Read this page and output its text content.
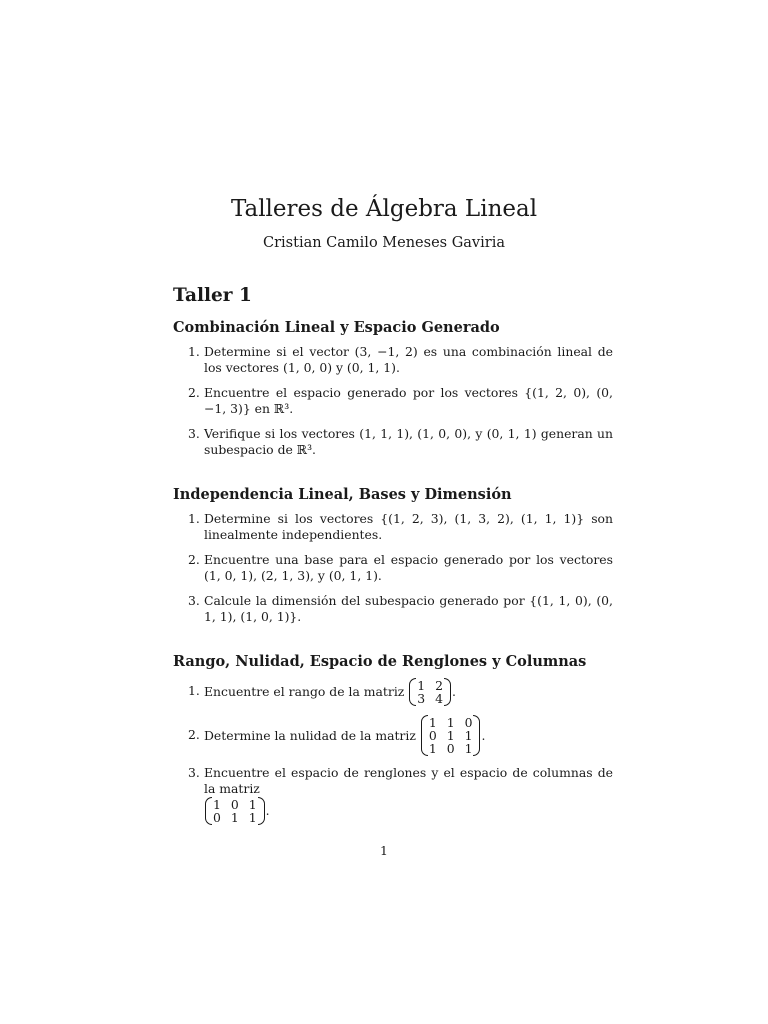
Talleres de Álgebra Lineal
Cristian Camilo Meneses Gaviria
Taller 1
Combinación Lineal y Espacio Generado
1. Determine si el vector (3, −1, 2) es una combinación lineal de los vectores (1, 0, 0) y (0, 1, 1).
2. Encuentre el espacio generado por los vectores {(1, 2, 0), (0, −1, 3)} en ℝ³.
3. Verifique si los vectores (1, 1, 1), (1, 0, 0), y (0, 1, 1) generan un subespacio de ℝ³.
Independencia Lineal, Bases y Dimensión
1. Determine si los vectores {(1, 2, 3), (1, 3, 2), (1, 1, 1)} son linealmente independientes.
2. Encuentre una base para el espacio generado por los vectores (1, 0, 1), (2, 1, 3), y (0, 1, 1).
3. Calcule la dimensión del subespacio generado por {(1, 1, 0), (0, 1, 1), (1, 0, 1)}.
Rango, Nulidad, Espacio de Renglones y Columnas
1. Encuentre el rango de la matriz 1 2
3 4 .
2. Determine la nulidad de la matriz
1 1 0
0 1 1
1 0 1
.
3. Encuentre el espacio de renglones y el espacio de columnas de la matriz

1 0 1
0 1 1 .
1
